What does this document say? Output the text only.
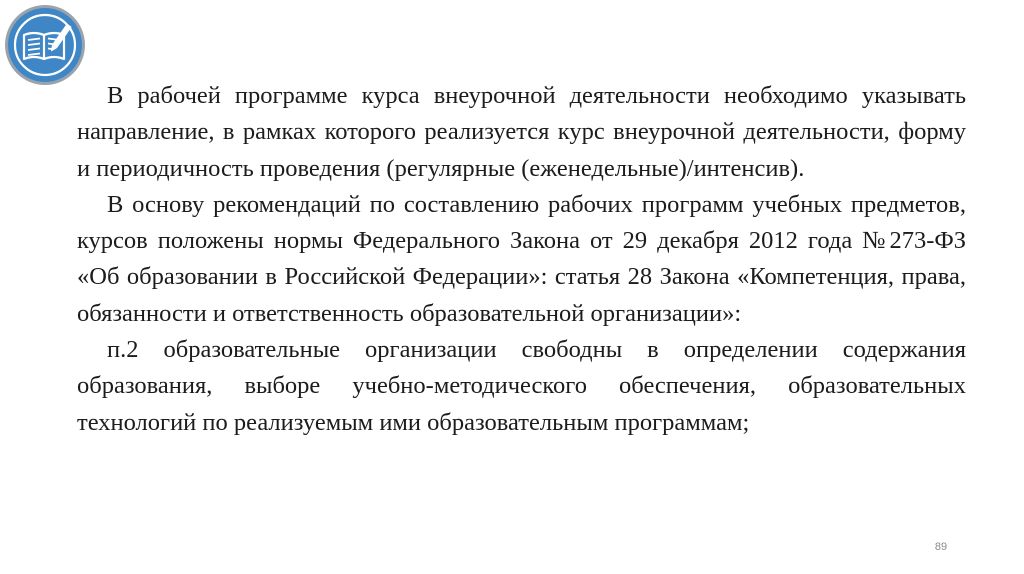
В рабочей программе курса внеурочной деятельности необходимо указывать направление, в рамках которого реализуется курс внеурочной деятельности, форму и периодичность проведения (регулярные (еженедельные)/интенсив).

В основу рекомендаций по составлению рабочих программ учебных предметов, курсов положены нормы Федерального Закона от 29 декабря 2012 года №273-ФЗ «Об образовании в Российской Федерации»: статья 28 Закона «Компетенция, права, обязанности и ответственность образовательной организации»:

п.2 образовательные организации свободны в определении содержания образования, выборе учебно-методического обеспечения, образовательных технологий по реализуемым ими образовательным программам;

89
